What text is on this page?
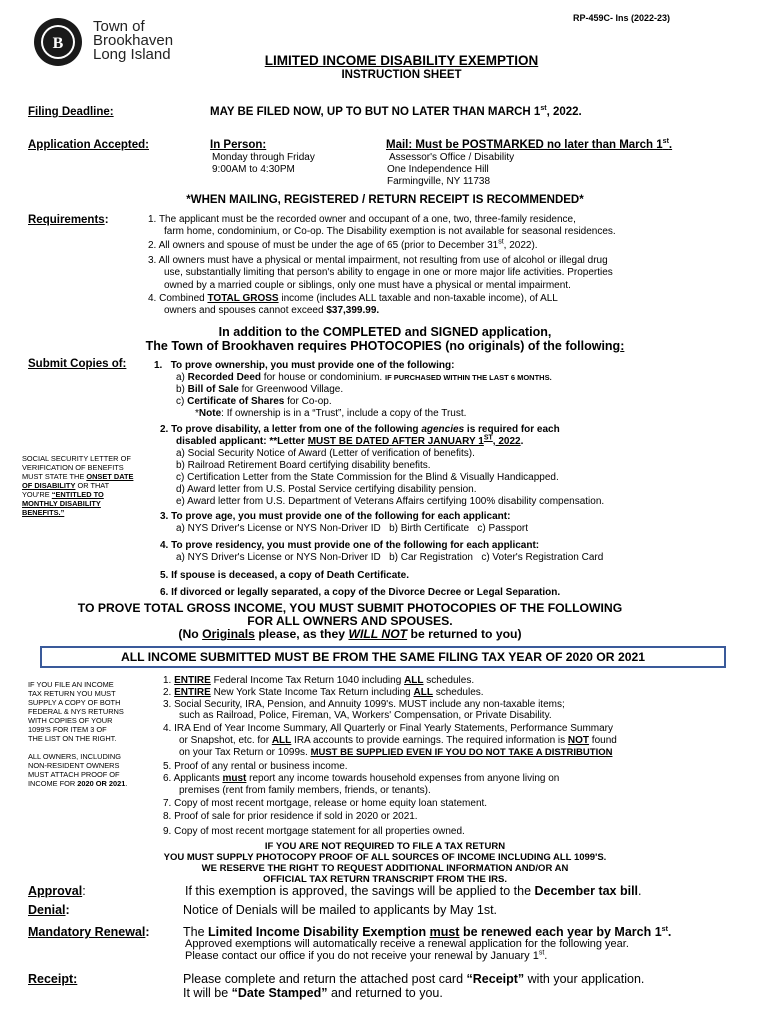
B
Town of
Brookhaven
Long Island
RP-459C- Ins (2022-23)
LIMITED INCOME DISABILITY EXEMPTION
INSTRUCTION SHEET
Filing Deadline:	MAY BE FILED NOW, UP TO BUT NO LATER THAN MARCH 1st, 2022.
Application Accepted:	In Person:
Monday through Friday
9:00AM to 4:30PM
Mail: Must be POSTMARKED no later than March 1st.
Assessor's Office / Disability
One Independence Hill
Farmingville, NY 11738
*WHEN MAILING, REGISTERED / RETURN RECEIPT IS RECOMMENDED*
Requirements:	1. The applicant must be the recorded owner and occupant of a one, two, three-family residence,
farm home, condominium, or Co-op. The Disability exemption is not available for seasonal residences.
2. All owners and spouse of must be under the age of 65 (prior to December 31st, 2022).
3. All owners must have a physical or mental impairment, not resulting from use of alcohol or illegal drug
use, substantially limiting that person's ability to engage in one or more major life activities. Properties
owned by a married couple or siblings, only one must have a physical or mental impairment.
4. Combined TOTAL GROSS income (includes ALL taxable and non-taxable income), of ALL
owners and spouses cannot exceed $37,399.99.
In addition to the COMPLETED and SIGNED application,
The Town of Brookhaven requires PHOTOCOPIES (no originals) of the following:
Submit Copies of:	1. To prove ownership, you must provide one of the following:
a) Recorded Deed for house or condominium. IF PURCHASED WITHIN THE LAST 6 MONTHS.
b) Bill of Sale for Greenwood Village.
c) Certificate of Shares for Co-op.
*Note: If ownership is in a “Trust”, include a copy of the Trust.
2. To prove disability, a letter from one of the following agencies is required for each
disabled applicant: **Letter MUST BE DATED AFTER JANUARY 1ST, 2022.
a) Social Security Notice of Award (Letter of verification of benefits).
b) Railroad Retirement Board certifying disability benefits.
c) Certification Letter from the State Commission for the Blind & Visually Handicapped.
d) Award letter from U.S. Postal Service certifying disability pension.
e) Award letter from U.S. Department of Veterans Affairs certifying 100% disability compensation.
SOCIAL SECURITY LETTER OF
VERIFICATION OF BENEFITS
MUST STATE THE ONSET DATE
OF DISABILITY OR THAT
YOU'RE “ENTITLED TO
MONTHLY DISABILITY
BENEFITS.”	3. To prove age, you must provide one of the following for each applicant:
a) NYS Driver's License or NYS Non-Driver ID   b) Birth Certificate   c) Passport
4. To prove residency, you must provide one of the following for each applicant:
a) NYS Driver's License or NYS Non-Driver ID   b) Car Registration   c) Voter's Registration Card
5. If spouse is deceased, a copy of Death Certificate.
6. If divorced or legally separated, a copy of the Divorce Decree or Legal Separation.
TO PROVE TOTAL GROSS INCOME, YOU MUST SUBMIT PHOTOCOPIES OF THE FOLLOWING
FOR ALL OWNERS AND SPOUSES.
(No Originals please, as they WILL NOT be returned to you)
ALL INCOME SUBMITTED MUST BE FROM THE SAME FILING TAX YEAR OF 2020 OR 2021
IF YOU FILE AN INCOME
TAX RETURN YOU MUST
SUPPLY A COPY OF BOTH
FEDERAL & NYS RETURNS
WITH COPIES OF YOUR
1099'S FOR ITEM 3 OF
THE LIST ON THE RIGHT.
ALL OWNERS, INCLUDING
NON-RESIDENT OWNERS
MUST ATTACH PROOF OF
INCOME FOR 2020 OR 2021.
1. ENTIRE Federal Income Tax Return 1040 including ALL schedules.
2. ENTIRE New York State Income Tax Return including ALL schedules.
3. Social Security, IRA, Pension, and Annuity 1099's. MUST include any non-taxable items;
such as Railroad, Police, Fireman, VA, Workers' Compensation, or Private Disability.
4. IRA End of Year Income Summary, All Quarterly or Final Yearly Statements, Performance Summary
or Snapshot, etc. for ALL IRA accounts to provide earnings. The required information is NOT found
on your Tax Return or 1099s. MUST BE SUPPLIED EVEN IF YOU DO NOT TAKE A DISTRIBUTION
5. Proof of any rental or business income.
6. Applicants must report any income towards household expenses from anyone living on
premises (rent from family members, friends, or tenants).
7. Copy of most recent mortgage, release or home equity loan statement.
8. Proof of sale for prior residence if sold in 2020 or 2021.
9. Copy of most recent mortgage statement for all properties owned.
IF YOU ARE NOT REQUIRED TO FILE A TAX RETURN
YOU MUST SUPPLY PHOTOCOPY PROOF OF ALL SOURCES OF INCOME INCLUDING ALL 1099'S.
WE RESERVE THE RIGHT TO REQUEST ADDITIONAL INFORMATION AND/OR AN
OFFICIAL TAX RETURN TRANSCRIPT FROM THE IRS.
Approval:	If this exemption is approved, the savings will be applied to the December tax bill.
Denial:	Notice of Denials will be mailed to applicants by May 1st.
Mandatory Renewal:	The Limited Income Disability Exemption must be renewed each year by March 1st.
Approved exemptions will automatically receive a renewal application for the following year.
Please contact our office if you do not receive your renewal by January 1st.
Receipt:	Please complete and return the attached post card “Receipt” with your application.
It will be “Date Stamped” and returned to you.
